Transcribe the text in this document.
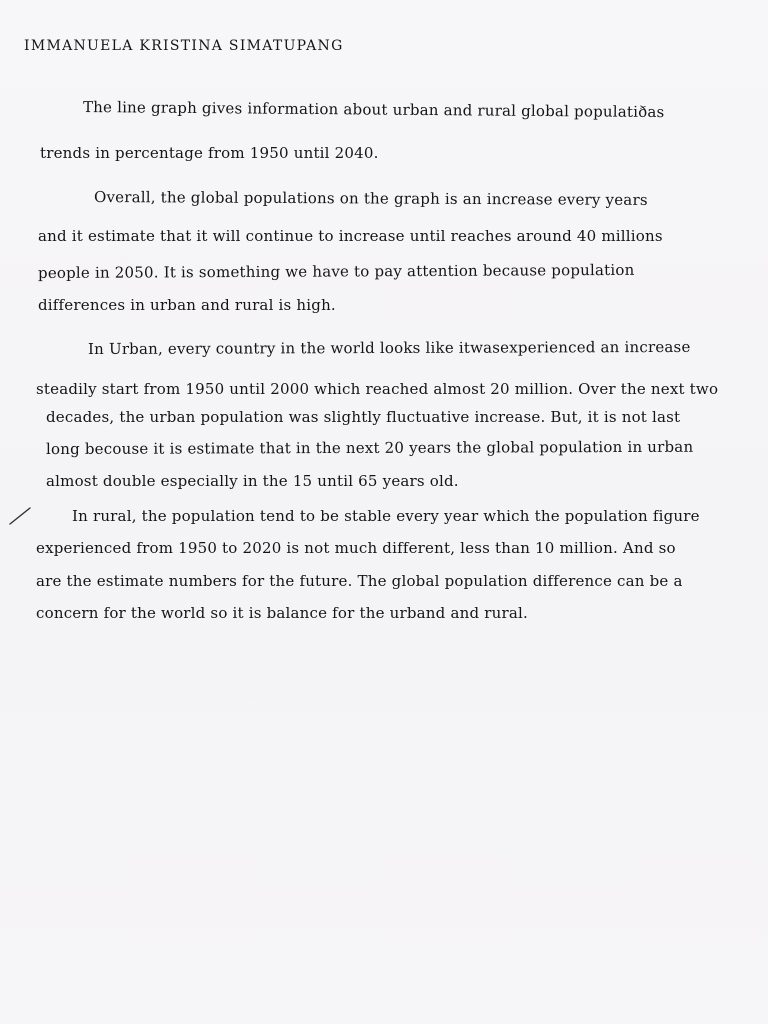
IMMANUELA KRISTINA SIMATUPANG
The line graph gives information about urban and rural global populatiðas
trends in percentage from 1950 until 2040.
Overall, the global populations on the graph is an increase every years
and it estimate that it will continue to increase until reaches around 40 millions
people in 2050. It is something we have to pay attention because population
differences in urban and rural is high.
In Urban, every country in the world looks like itwasexperienced an increase
steadily start from 1950 until 2000 which reached almost 20 million. Over the next two
decades, the urban population was slightly fluctuative increase. But, it is not last
long becouse it is estimate that in the next 20 years the global population in urban
almost double especially in the 15 until 65 years old.
In rural, the population tend to be stable every year which the population figure
experienced from 1950 to 2020 is not much different, less than 10 million. And so
are the estimate numbers for the future. The global population difference can be a
concern for the world so it is balance for the urband and rural.
